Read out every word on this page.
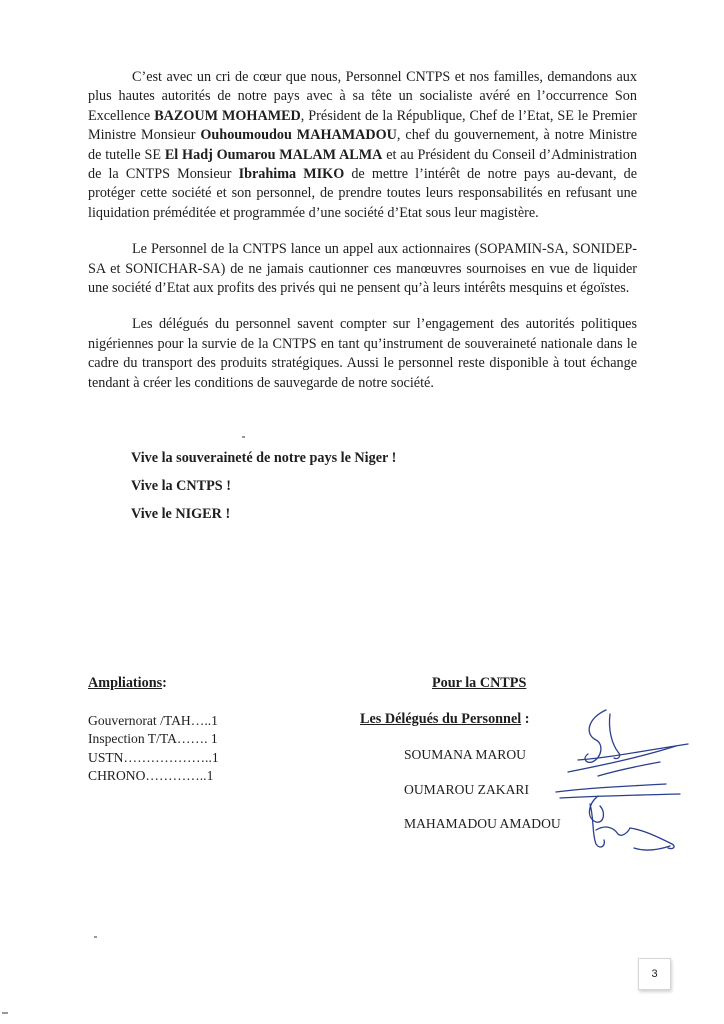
C’est avec un cri de cœur que nous, Personnel CNTPS et nos familles, demandons aux plus hautes autorités de notre pays avec à sa tête un socialiste avéré en l’occurrence Son Excellence BAZOUM MOHAMED, Président de la République, Chef de l’Etat, SE le Premier Ministre Monsieur Ouhoumoudou MAHAMADOU, chef du gouvernement, à notre Ministre de tutelle SE El Hadj Oumarou MALAM ALMA et au Président du Conseil d’Administration de la CNTPS Monsieur Ibrahima MIKO de mettre l’intérêt de notre pays au-devant, de protéger cette société et son personnel, de prendre toutes leurs responsabilités en refusant une liquidation préméditée et programmée d’une société d’Etat sous leur magistère.

Le Personnel de la CNTPS lance un appel aux actionnaires (SOPAMIN-SA, SONIDEP-SA et SONICHAR-SA) de ne jamais cautionner ces manœuvres sournoises en vue de liquider une société d’Etat aux profits des privés qui ne pensent qu’à leurs intérêts mesquins et égoïstes.

Les délégués du personnel savent compter sur l’engagement des autorités politiques nigériennes pour la survie de la CNTPS en tant qu’instrument de souveraineté nationale dans le cadre du transport des produits stratégiques. Aussi le personnel reste disponible à tout échange tendant à créer les conditions de sauvegarde de notre société.

Vive la souveraineté de notre pays le Niger !
Vive la CNTPS !
Vive le NIGER !
Ampliations:
Gouvernorat /TAH…..1
Inspection T/TA……. 1
USTN………………..1
CHRONO…………..1
Pour la CNTPS
Les Délégués du Personnel :
SOUMANA MAROU
OUMAROU ZAKARI
MAHAMADOU AMADOU
3
